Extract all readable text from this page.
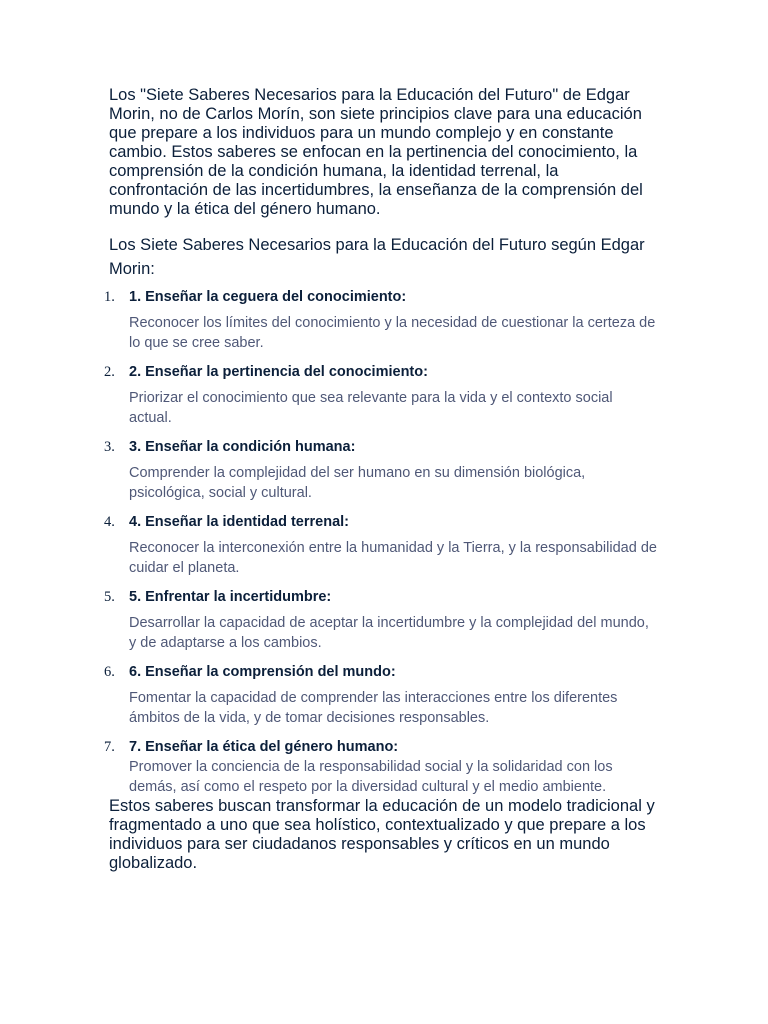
Los "Siete Saberes Necesarios para la Educación del Futuro" de Edgar Morin, no de Carlos Morín, son siete principios clave para una educación que prepare a los individuos para un mundo complejo y en constante cambio. Estos saberes se enfocan en la pertinencia del conocimiento, la comprensión de la condición humana, la identidad terrenal, la confrontación de las incertidumbres, la enseñanza de la comprensión del mundo y la ética del género humano.

Los Siete Saberes Necesarios para la Educación del Futuro según Edgar Morin:

1. 1. Enseñar la ceguera del conocimiento:

Reconocer los límites del conocimiento y la necesidad de cuestionar la certeza de lo que se cree saber.

2. 2. Enseñar la pertinencia del conocimiento:

Priorizar el conocimiento que sea relevante para la vida y el contexto social actual.

3. 3. Enseñar la condición humana:

Comprender la complejidad del ser humano en su dimensión biológica, psicológica, social y cultural.

4. 4. Enseñar la identidad terrenal:

Reconocer la interconexión entre la humanidad y la Tierra, y la responsabilidad de cuidar el planeta.

5. 5. Enfrentar la incertidumbre:

Desarrollar la capacidad de aceptar la incertidumbre y la complejidad del mundo, y de adaptarse a los cambios.

6. 6. Enseñar la comprensión del mundo:

Fomentar la capacidad de comprender las interacciones entre los diferentes ámbitos de la vida, y de tomar decisiones responsables.

7. 7. Enseñar la ética del género humano:

Promover la conciencia de la responsabilidad social y la solidaridad con los demás, así como el respeto por la diversidad cultural y el medio ambiente.

Estos saberes buscan transformar la educación de un modelo tradicional y fragmentado a uno que sea holístico, contextualizado y que prepare a los individuos para ser ciudadanos responsables y críticos en un mundo globalizado.
